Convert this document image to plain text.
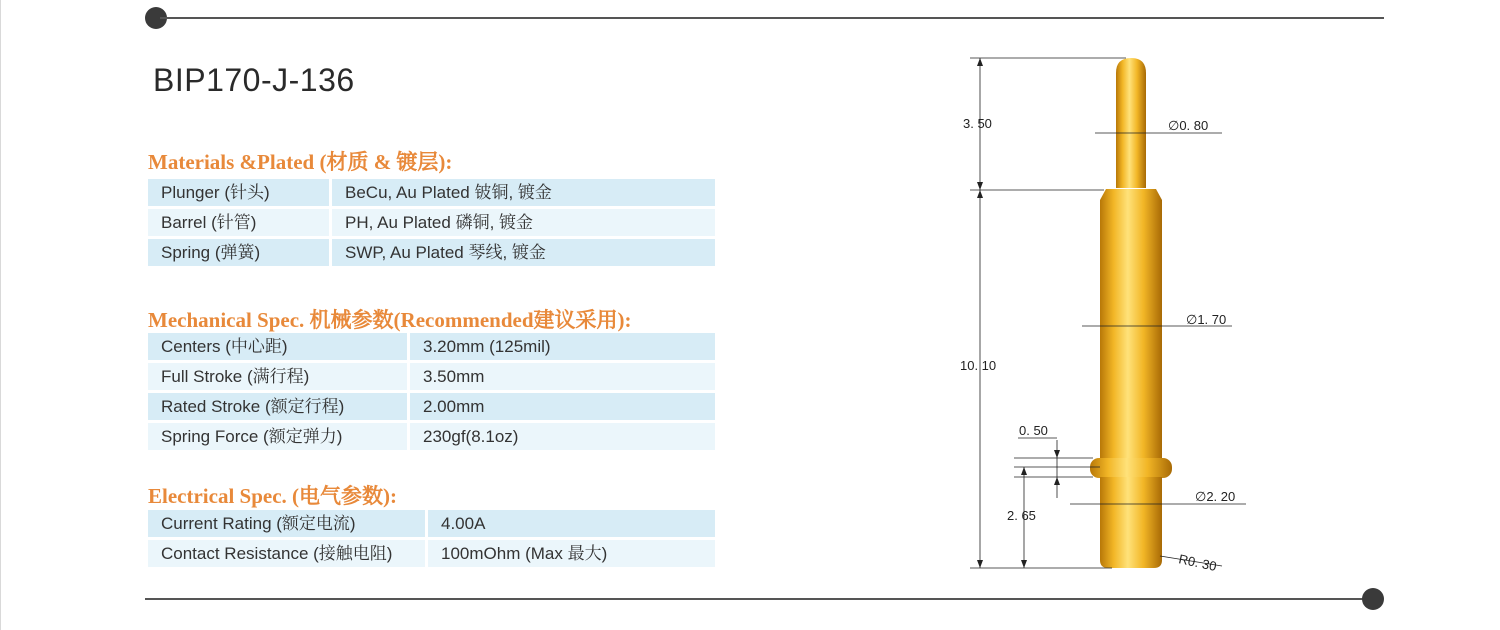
BIP170-J-136
Materials &Plated (材质 & 镀层):
Plunger (针头)	BeCu, Au Plated 铍铜, 镀金
Barrel (针管)	PH, Au Plated 磷铜, 镀金
Spring (弹簧)	SWP, Au Plated 琴线, 镀金
Mechanical Spec. 机械参数(Recommended建议采用):
Centers (中心距)	3.20mm (125mil)
Full Stroke (满行程)	3.50mm
Rated Stroke (额定行程)	2.00mm
Spring Force (额定弹力)	230gf(8.1oz)
Electrical Spec. (电气参数):
Current Rating (额定电流)	4.00A
Contact Resistance (接触电阻)	100mOhm (Max 最大)
3. 50	∅0. 80
∅1. 70
10. 10
0. 50
∅2. 20
2. 65
R0. 30
